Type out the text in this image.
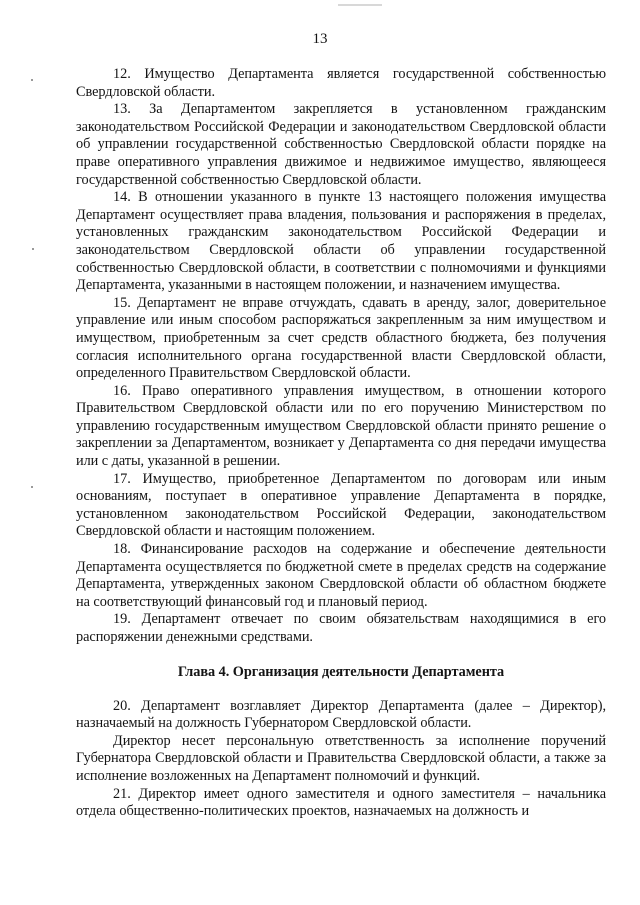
13

12. Имущество Департамента является государственной собственностью Свердловской области.

13. За Департаментом закрепляется в установленном гражданским законодательством Российской Федерации и законодательством Свердловской области об управлении государственной собственностью Свердловской области порядке на праве оперативного управления движимое и недвижимое имущество, являющееся государственной собственностью Свердловской области.

14. В отношении указанного в пункте 13 настоящего положения имущества Департамент осуществляет права владения, пользования и распоряжения в пределах, установленных гражданским законодательством Российской Федерации и законодательством Свердловской области об управлении государственной собственностью Свердловской области, в соответствии с полномочиями и функциями Департамента, указанными в настоящем положении, и назначением имущества.

15. Департамент не вправе отчуждать, сдавать в аренду, залог, доверительное управление или иным способом распоряжаться закрепленным за ним имуществом и имуществом, приобретенным за счет средств областного бюджета, без получения согласия исполнительного органа государственной власти Свердловской области, определенного Правительством Свердловской области.

16. Право оперативного управления имуществом, в отношении которого Правительством Свердловской области или по его поручению Министерством по управлению государственным имуществом Свердловской области принято решение о закреплении за Департаментом, возникает у Департамента со дня передачи имущества или с даты, указанной в решении.

17. Имущество, приобретенное Департаментом по договорам или иным основаниям, поступает в оперативное управление Департамента в порядке, установленном законодательством Российской Федерации, законодательством Свердловской области и настоящим положением.

18. Финансирование расходов на содержание и обеспечение деятельности Департамента осуществляется по бюджетной смете в пределах средств на содержание Департамента, утвержденных законом Свердловской области об областном бюджете на соответствующий финансовый год и плановый период.

19. Департамент отвечает по своим обязательствам находящимися в его распоряжении денежными средствами.

Глава 4. Организация деятельности Департамента

20. Департамент возглавляет Директор Департамента (далее – Директор), назначаемый на должность Губернатором Свердловской области.

Директор несет персональную ответственность за исполнение поручений Губернатора Свердловской области и Правительства Свердловской области, а также за исполнение возложенных на Департамент полномочий и функций.

21. Директор имеет одного заместителя и одного заместителя – начальника отдела общественно-политических проектов, назначаемых на должность и
